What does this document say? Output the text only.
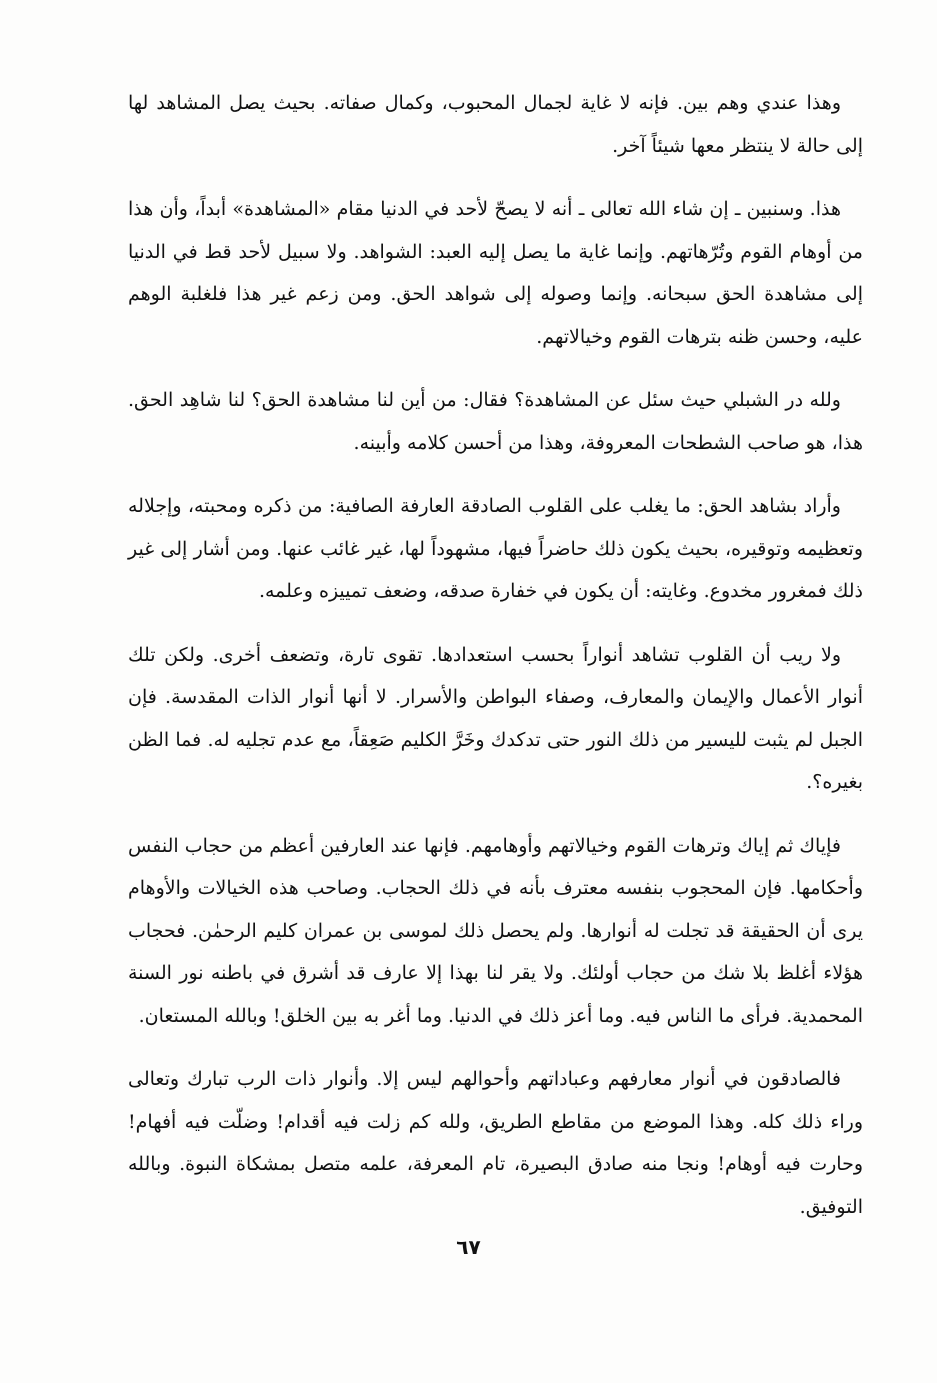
وهذا عندي وهم بين. فإنه لا غاية لجمال المحبوب، وكمال صفاته. بحيث يصل المشاهد لها إلى حالة لا ينتظر معها شيئاً آخر.

هذا. وسنبين ـ إن شاء الله تعالى ـ أنه لا يصحّ لأحد في الدنيا مقام «المشاهدة» أبداً، وأن هذا من أوهام القوم وتُرّهاتهم. وإنما غاية ما يصل إليه العبد: الشواهد. ولا سبيل لأحد قط في الدنيا إلى مشاهدة الحق سبحانه. وإنما وصوله إلى شواهد الحق. ومن زعم غير هذا فلغلبة الوهم عليه، وحسن ظنه بترهات القوم وخيالاتهم.

ولله در الشبلي حيث سئل عن المشاهدة؟ فقال: من أين لنا مشاهدة الحق؟ لنا شاهِد الحق. هذا، هو صاحب الشطحات المعروفة، وهذا من أحسن كلامه وأبينه.

وأراد بشاهد الحق: ما يغلب على القلوب الصادقة العارفة الصافية: من ذكره ومحبته، وإجلاله وتعظيمه وتوقيره، بحيث يكون ذلك حاضراً فيها، مشهوداً لها، غير غائب عنها. ومن أشار إلى غير ذلك فمغرور مخدوع. وغايته: أن يكون في خفارة صدقه، وضعف تمييزه وعلمه.

ولا ريب أن القلوب تشاهد أنواراً بحسب استعدادها. تقوى تارة، وتضعف أخرى. ولكن تلك أنوار الأعمال والإيمان والمعارف، وصفاء البواطن والأسرار. لا أنها أنوار الذات المقدسة. فإن الجبل لم يثبت لليسير من ذلك النور حتى تدكدك وخَرَّ الكليم صَعِقاً، مع عدم تجليه له. فما الظن بغيره؟.

فإياك ثم إياك وترهات القوم وخيالاتهم وأوهامهم. فإنها عند العارفين أعظم من حجاب النفس وأحكامها. فإن المحجوب بنفسه معترف بأنه في ذلك الحجاب. وصاحب هذه الخيالات والأوهام يرى أن الحقيقة قد تجلت له أنوارها. ولم يحصل ذلك لموسى بن عمران كليم الرحمٰن. فحجاب هؤلاء أغلظ بلا شك من حجاب أولئك. ولا يقر لنا بهذا إلا عارف قد أشرق في باطنه نور السنة المحمدية. فرأى ما الناس فيه. وما أعز ذلك في الدنيا. وما أغر به بين الخلق! وبالله المستعان.

فالصادقون في أنوار معارفهم وعباداتهم وأحوالهم ليس إلا. وأنوار ذات الرب تبارك وتعالى وراء ذلك كله. وهذا الموضع من مقاطع الطريق، ولله كم زلت فيه أقدام! وضلّت فيه أفهام! وحارت فيه أوهام! ونجا منه صادق البصيرة، تام المعرفة، علمه متصل بمشكاة النبوة. وبالله التوفيق.

٦٧
